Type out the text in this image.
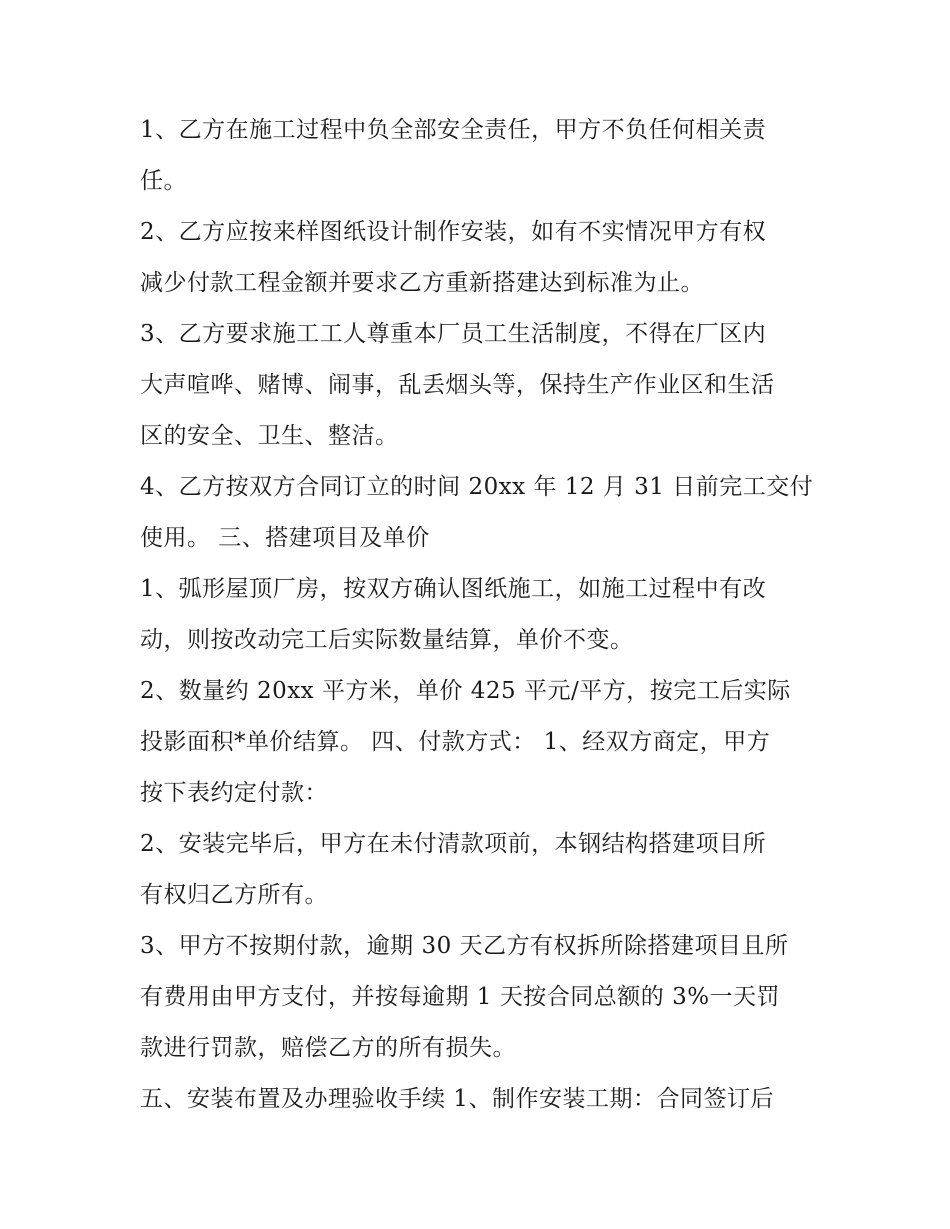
1、乙方在施工过程中负全部安全责任，甲方不负任何相关责
任。
2、乙方应按来样图纸设计制作安装，如有不实情况甲方有权
减少付款工程金额并要求乙方重新搭建达到标准为止。
3、乙方要求施工工人尊重本厂员工生活制度，不得在厂区内
大声喧哗、赌博、闹事，乱丢烟头等，保持生产作业区和生活
区的安全、卫生、整洁。
4、乙方按双方合同订立的时间 20xx 年 12 月 31 日前完工交付
使用。 三、搭建项目及单价
1、弧形屋顶厂房，按双方确认图纸施工，如施工过程中有改
动，则按改动完工后实际数量结算，单价不变。
2、数量约 20xx 平方米，单价 425 平元/平方，按完工后实际
投影面积*单价结算。 四、付款方式： 1、经双方商定，甲方
按下表约定付款：
2、安装完毕后，甲方在未付清款项前，本钢结构搭建项目所
有权归乙方所有。
3、甲方不按期付款，逾期 30 天乙方有权拆所除搭建项目且所
有费用由甲方支付，并按每逾期 1 天按合同总额的 3%一天罚
款进行罚款，赔偿乙方的所有损失。
五、安装布置及办理验收手续 1、制作安装工期：合同签订后
